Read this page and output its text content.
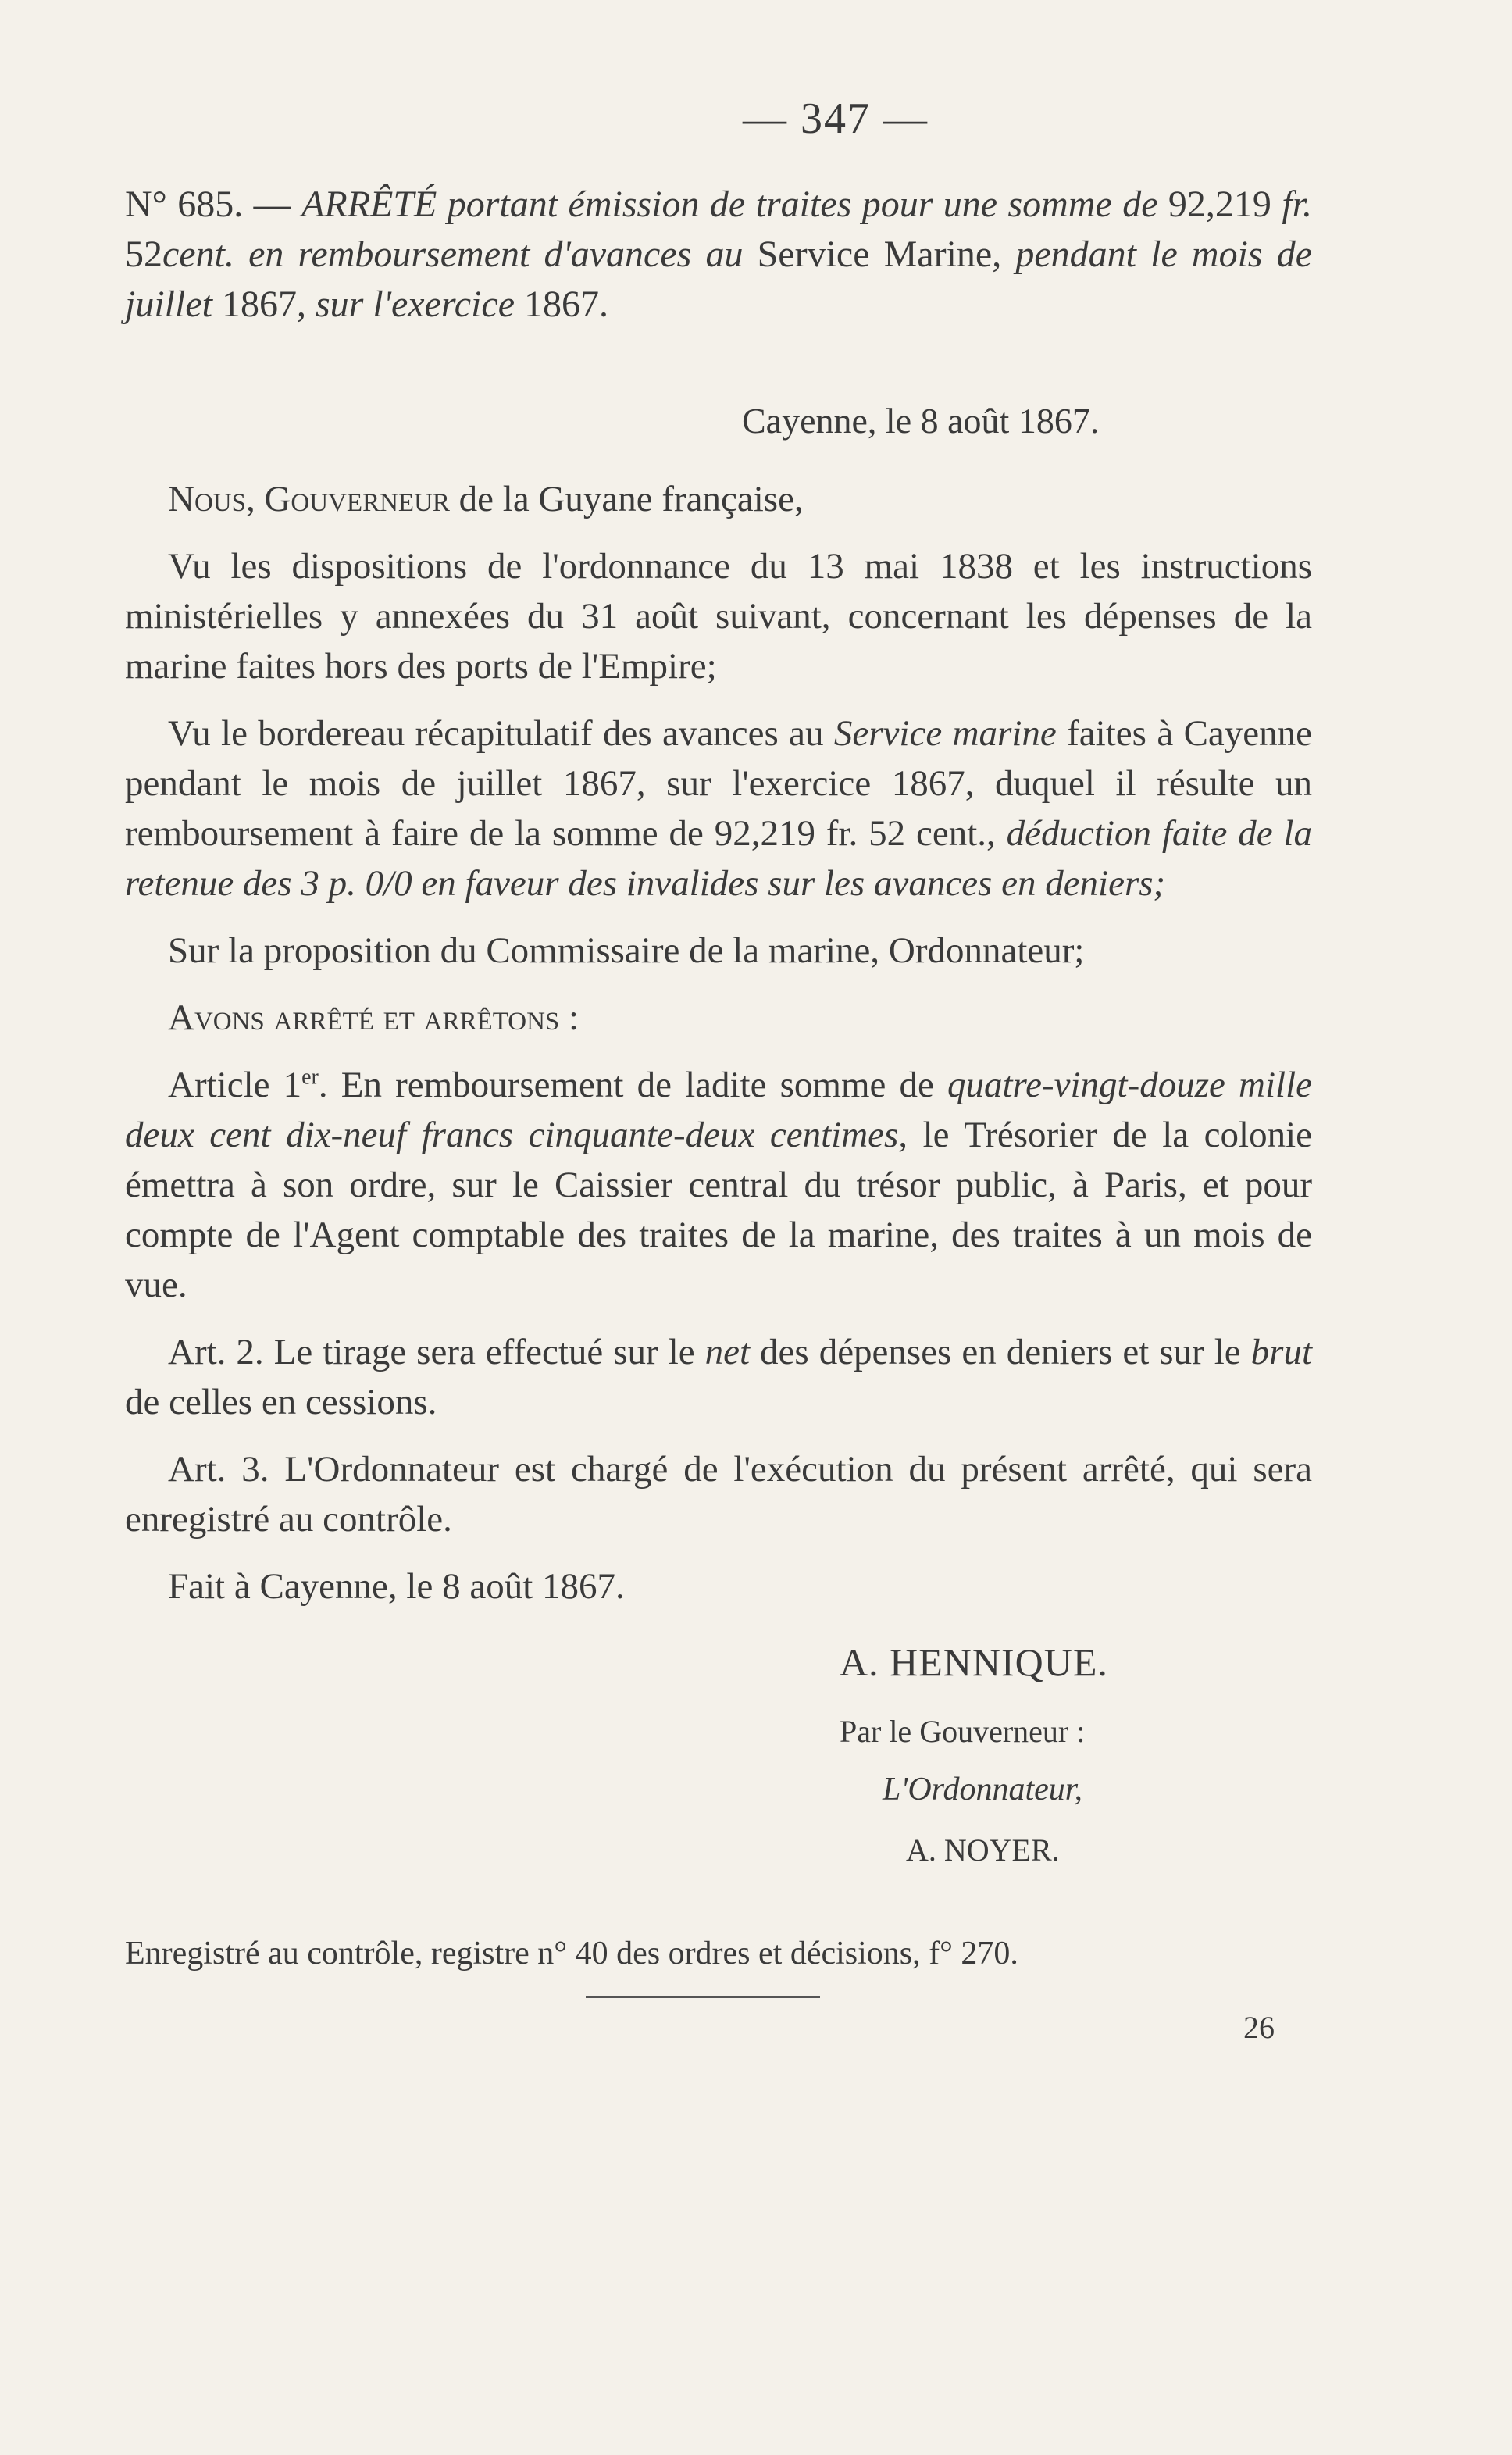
— 347 —

N° 685. — ARRÊTÉ portant émission de traites pour une somme de 92,219 fr. 52cent. en remboursement d'avances au Service Marine, pendant le mois de juillet 1867, sur l'exercice 1867.

Cayenne, le 8 août 1867.

Nous, Gouverneur de la Guyane française,

Vu les dispositions de l'ordonnance du 13 mai 1838 et les instructions ministérielles y annexées du 31 août suivant, concernant les dépenses de la marine faites hors des ports de l'Empire;

Vu le bordereau récapitulatif des avances au Service marine faites à Cayenne pendant le mois de juillet 1867, sur l'exercice 1867, duquel il résulte un remboursement à faire de la somme de 92,219 fr. 52 cent., déduction faite de la retenue des 3 p. 0/0 en faveur des invalides sur les avances en deniers;

Sur la proposition du Commissaire de la marine, Ordonnateur;

Avons arrêté et arrêtons :

Article 1er. En remboursement de ladite somme de quatre-vingt-douze mille deux cent dix-neuf francs cinquante-deux centimes, le Trésorier de la colonie émettra à son ordre, sur le Caissier central du trésor public, à Paris, et pour compte de l'Agent comptable des traites de la marine, des traites à un mois de vue.

Art. 2. Le tirage sera effectué sur le net des dépenses en deniers et sur le brut de celles en cessions.

Art. 3. L'Ordonnateur est chargé de l'exécution du présent arrêté, qui sera enregistré au contrôle.

Fait à Cayenne, le 8 août 1867.

A. HENNIQUE.
Par le Gouverneur :
L'Ordonnateur,
A. NOYER.
Enregistré au contrôle, registre n° 40 des ordres et décisions, f° 270.
26
